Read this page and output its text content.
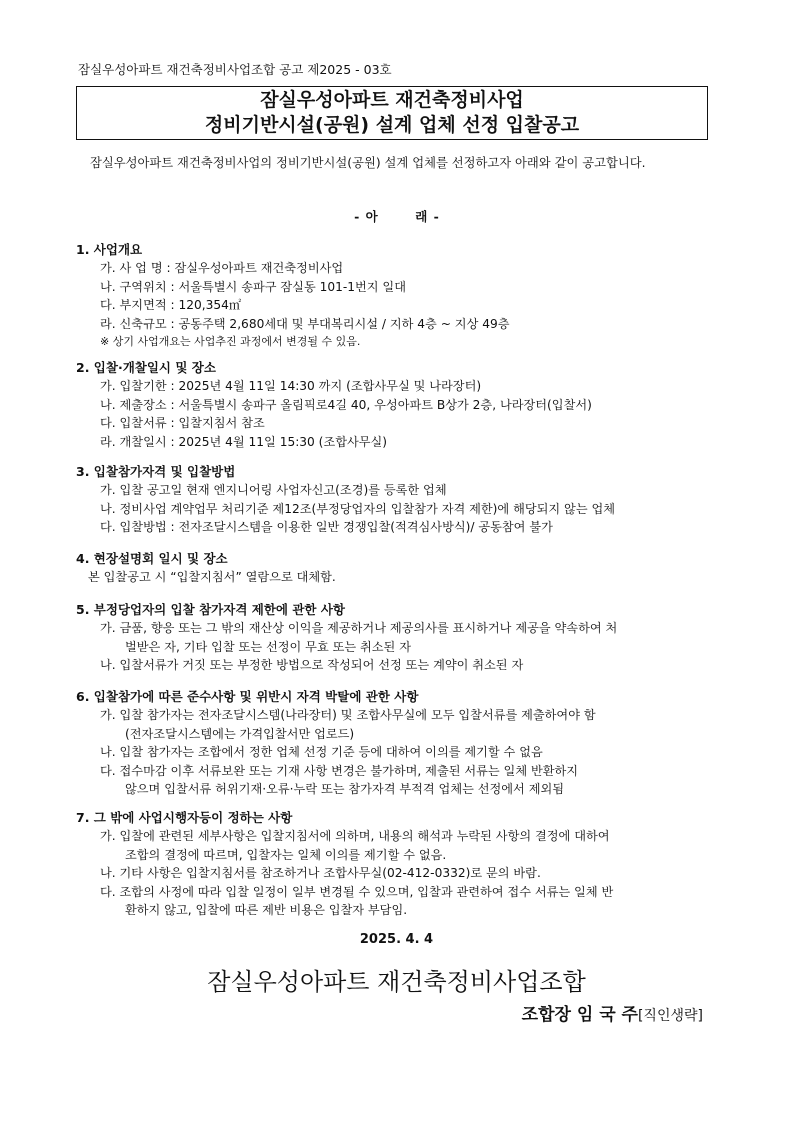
잠실우성아파트 재건축정비사업조합 공고 제2025 - 03호
잠실우성아파트 재건축정비사업
정비기반시설(공원) 설계 업체 선정 입찰공고
잠실우성아파트 재건축정비사업의 정비기반시설(공원) 설계 업체를 선정하고자 아래와 같이 공고합니다.
- 아　　　래 -
1. 사업개요
가. 사 업 명 : 잠실우성아파트 재건축정비사업
나. 구역위치 : 서울특별시 송파구 잠실동 101-1번지 일대
다. 부지면적 : 120,354㎡
라. 신축규모 : 공동주택 2,680세대 및 부대복리시설 / 지하 4층 ~ 지상 49층
※ 상기 사업개요는 사업추진 과정에서 변경될 수 있음.
2. 입찰·개찰일시 및 장소
가. 입찰기한 : 2025년 4월 11일 14:30 까지 (조합사무실 및 나라장터)
나. 제출장소 : 서울특별시 송파구 올림픽로4길 40, 우성아파트 B상가 2층, 나라장터(입찰서)
다. 입찰서류 : 입찰지침서 참조
라. 개찰일시 : 2025년 4월 11일 15:30 (조합사무실)
3. 입찰참가자격 및 입찰방법
가. 입찰 공고일 현재 엔지니어링 사업자신고(조경)를 등록한 업체
나. 정비사업 계약업무 처리기준 제12조(부정당업자의 입찰참가 자격 제한)에 해당되지 않는 업체
다. 입찰방법 : 전자조달시스템을 이용한 일반 경쟁입찰(적격심사방식)/ 공동참여 불가
4. 현장설명회 일시 및 장소
본 입찰공고 시 “입찰지침서” 열람으로 대체함.
5. 부정당업자의 입찰 참가자격 제한에 관한 사항
가. 금품, 향응 또는 그 밖의 재산상 이익을 제공하거나 제공의사를 표시하거나 제공을 약속하여 처
벌받은 자, 기타 입찰 또는 선정이 무효 또는 취소된 자
나. 입찰서류가 거짓 또는 부정한 방법으로 작성되어 선정 또는 계약이 취소된 자
6. 입찰참가에 따른 준수사항 및 위반시 자격 박탈에 관한 사항
가. 입찰 참가자는 전자조달시스템(나라장터) 및 조합사무실에 모두 입찰서류를 제출하여야 함
(전자조달시스템에는 가격입찰서만 업로드)
나. 입찰 참가자는 조합에서 정한 업체 선정 기준 등에 대하여 이의를 제기할 수 없음
다. 접수마감 이후 서류보완 또는 기재 사항 변경은 불가하며, 제출된 서류는 일체 반환하지
않으며 입찰서류 허위기재·오류·누락 또는 참가자격 부적격 업체는 선정에서 제외됨
7. 그 밖에 사업시행자등이 정하는 사항
가. 입찰에 관련된 세부사항은 입찰지침서에 의하며, 내용의 해석과 누락된 사항의 결정에 대하여
조합의 결정에 따르며, 입찰자는 일체 이의를 제기할 수 없음.
나. 기타 사항은 입찰지침서를 참조하거나 조합사무실(02-412-0332)로 문의 바람.
다. 조합의 사정에 따라 입찰 일정이 일부 변경될 수 있으며, 입찰과 관련하여 접수 서류는 일체 반
환하지 않고, 입찰에 따른 제반 비용은 입찰자 부담임.
2025. 4. 4
잠실우성아파트 재건축정비사업조합
조합장 임 국 주[직인생략]
